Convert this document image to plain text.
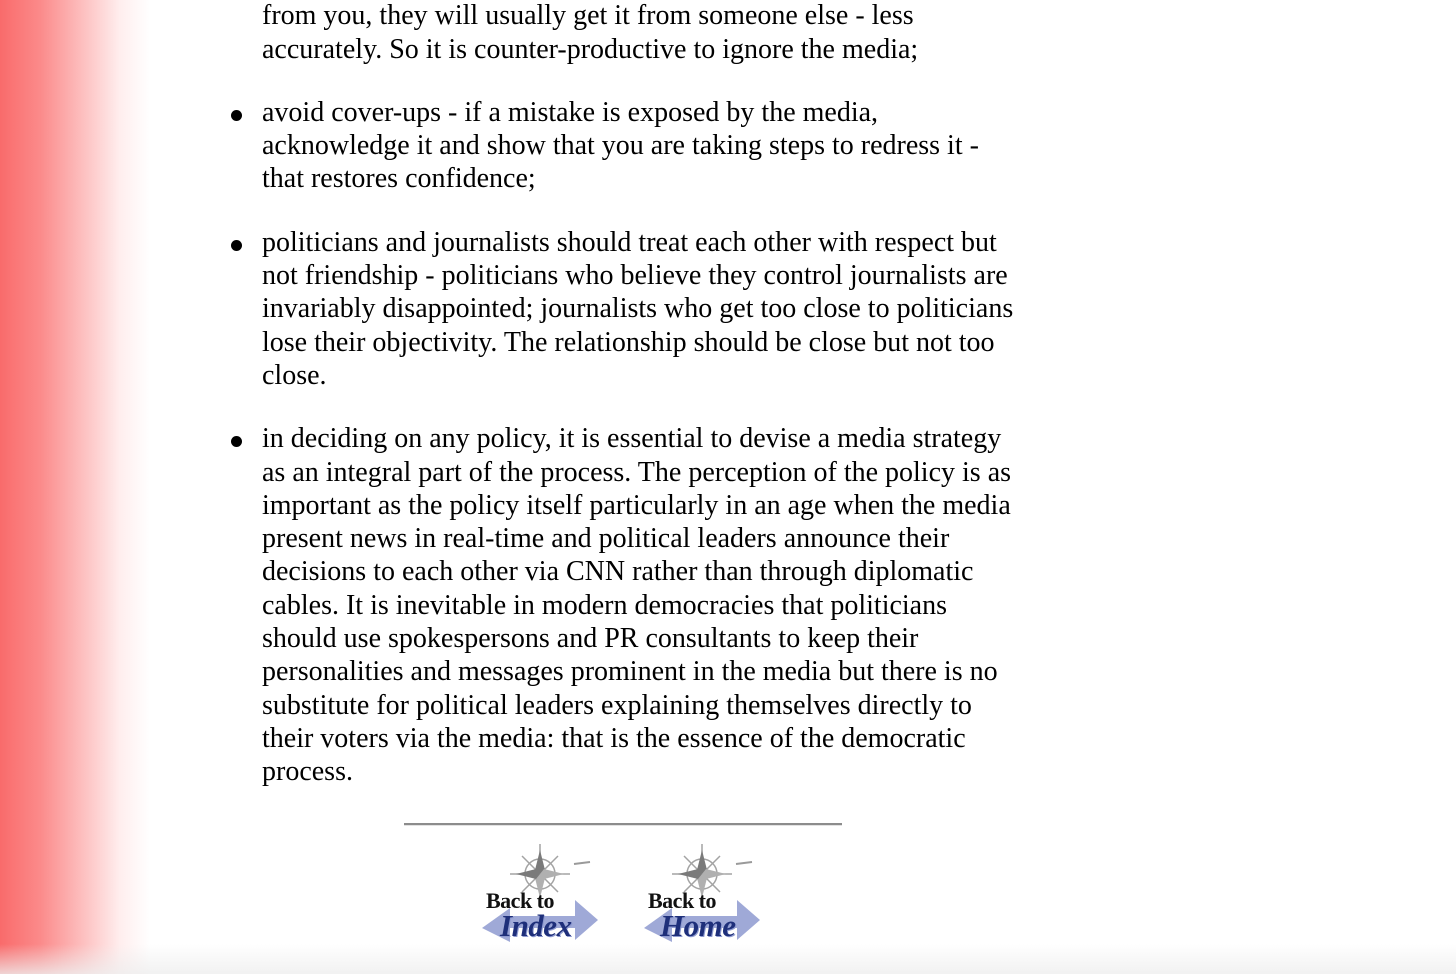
from you, they will usually get it from someone else - less
accurately. So it is counter-productive to ignore the media;
avoid cover-ups - if a mistake is exposed by the media,
acknowledge it and show that you are taking steps to redress it -
that restores confidence;
politicians and journalists should treat each other with respect but
not friendship - politicians who believe they control journalists are
invariably disappointed; journalists who get too close to politicians
lose their objectivity. The relationship should be close but not too
close.
in deciding on any policy, it is essential to devise a media strategy
as an integral part of the process. The perception of the policy is as
important as the policy itself particularly in an age when the media
present news in real-time and political leaders announce their
decisions to each other via CNN rather than through diplomatic
cables. It is inevitable in modern democracies that politicians
should use spokespersons and PR consultants to keep their
personalities and messages prominent in the media but there is no
substitute for political leaders explaining themselves directly to
their voters via the media: that is the essence of the democratic
process.
Back to
Index
Back to
Home
